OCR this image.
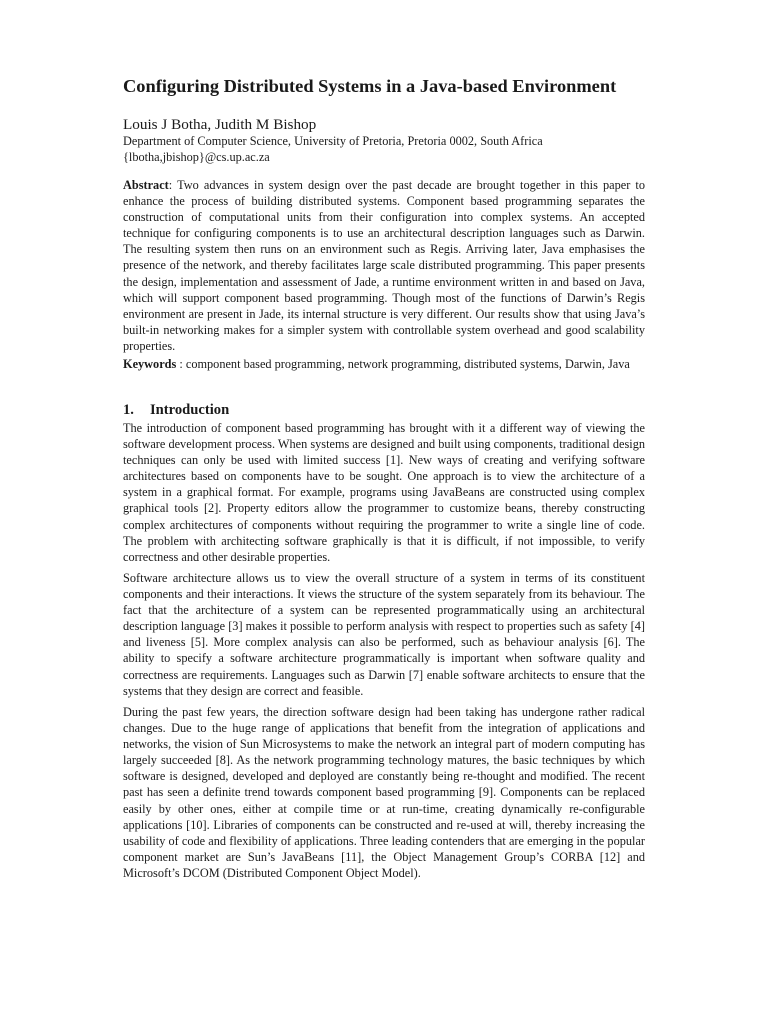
Configuring Distributed Systems in a Java-based Environment
Louis J Botha, Judith M Bishop
Department of Computer Science, University of Pretoria, Pretoria 0002, South Africa
{lbotha,jbishop}@cs.up.ac.za

Abstract: Two advances in system design over the past decade are brought together in this paper to enhance the process of building distributed systems. Component based programming separates the construction of computational units from their configuration into complex systems. An accepted technique for configuring components is to use an architectural description languages such as Darwin. The resulting system then runs on an environment such as Regis. Arriving later, Java emphasises the presence of the network, and thereby facilitates large scale distributed programming. This paper presents the design, implementation and assessment of Jade, a runtime environment written in and based on Java, which will support component based programming. Though most of the functions of Darwin’s Regis environment are present in Jade, its internal structure is very different. Our results show that using Java’s built-in networking makes for a simpler system with controllable system overhead and good scalability properties.

Keywords : component based programming, network programming, distributed systems, Darwin, Java

1. Introduction

The introduction of component based programming has brought with it a different way of viewing the software development process. When systems are designed and built using components, traditional design techniques can only be used with limited success [1]. New ways of creating and verifying software architectures based on components have to be sought. One approach is to view the architecture of a system in a graphical format. For example, programs using JavaBeans are constructed using complex graphical tools [2]. Property editors allow the programmer to customize beans, thereby constructing complex architectures of components without requiring the programmer to write a single line of code. The problem with architecting software graphically is that it is difficult, if not impossible, to verify correctness and other desirable properties.

Software architecture allows us to view the overall structure of a system in terms of its constituent components and their interactions. It views the structure of the system separately from its behaviour. The fact that the architecture of a system can be represented programmatically using an architectural description language [3] makes it possible to perform analysis with respect to properties such as safety [4] and liveness [5]. More complex analysis can also be performed, such as behaviour analysis [6]. The ability to specify a software architecture programmatically is important when software quality and correctness are requirements. Languages such as Darwin [7] enable software architects to ensure that the systems that they design are correct and feasible.

During the past few years, the direction software design had been taking has undergone rather radical changes. Due to the huge range of applications that benefit from the integration of applications and networks, the vision of Sun Microsystems to make the network an integral part of modern computing has largely succeeded [8]. As the network programming technology matures, the basic techniques by which software is designed, developed and deployed are constantly being re-thought and modified. The recent past has seen a definite trend towards component based programming [9]. Components can be replaced easily by other ones, either at compile time or at run-time, creating dynamically re-configurable applications [10]. Libraries of components can be constructed and re-used at will, thereby increasing the usability of code and flexibility of applications. Three leading contenders that are emerging in the popular component market are Sun’s JavaBeans [11], the Object Management Group’s CORBA [12] and Microsoft’s DCOM (Distributed Component Object Model).
